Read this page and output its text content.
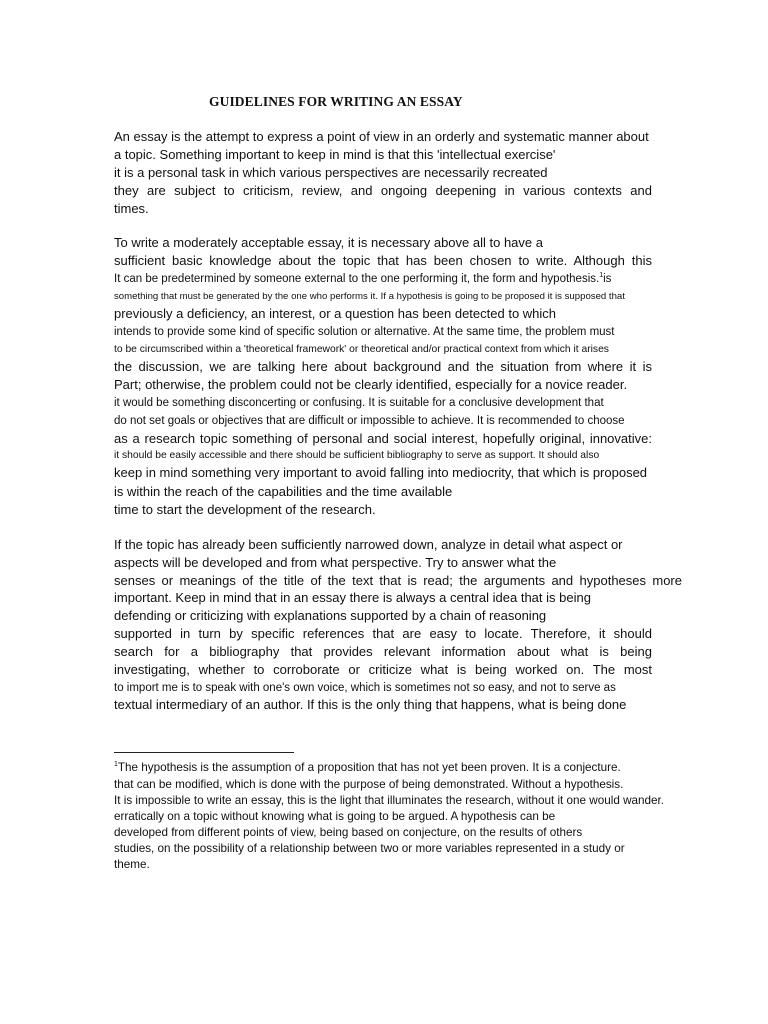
GUIDELINES FOR WRITING AN ESSAY
An essay is the attempt to express a point of view in an orderly and systematic manner about
a topic. Something important to keep in mind is that this 'intellectual exercise'
it is a personal task in which various perspectives are necessarily recreated
they are subject to criticism, review, and ongoing deepening in various contexts and
times.
To write a moderately acceptable essay, it is necessary above all to have a
sufficient basic knowledge about the topic that has been chosen to write. Although this
It can be predetermined by someone external to the one performing it, the form and hypothesis.$^1$is
something that must be generated by the one who performs it. If a hypothesis is going to be proposed it is supposed that
previously a deficiency, an interest, or a question has been detected to which
intends to provide some kind of specific solution or alternative. At the same time, the problem must
to be circumscribed within a 'theoretical framework' or theoretical and/or practical context from which it arises
the discussion, we are talking here about background and the situation from where it is
Part; otherwise, the problem could not be clearly identified, especially for a novice reader.
it would be something disconcerting or confusing. It is suitable for a conclusive development that
do not set goals or objectives that are difficult or impossible to achieve. It is recommended to choose
as a research topic something of personal and social interest, hopefully original, innovative:
it should be easily accessible and there should be sufficient bibliography to serve as support. It should also
keep in mind something very important to avoid falling into mediocrity, that which is proposed
is within the reach of the capabilities and the time available
time to start the development of the research.
If the topic has already been sufficiently narrowed down, analyze in detail what aspect or
aspects will be developed and from what perspective. Try to answer what the
senses or meanings of the title of the text that is read; the arguments and hypotheses more
important. Keep in mind that in an essay there is always a central idea that is being
defending or criticizing with explanations supported by a chain of reasoning
supported in turn by specific references that are easy to locate. Therefore, it should
search for a bibliography that provides relevant information about what is being
investigating, whether to corroborate or criticize what is being worked on. The most
to import me is to speak with one's own voice, which is sometimes not so easy, and not to serve as
textual intermediary of an author. If this is the only thing that happens, what is being done
$^1$The hypothesis is the assumption of a proposition that has not yet been proven. It is a conjecture.
that can be modified, which is done with the purpose of being demonstrated. Without a hypothesis.
It is impossible to write an essay, this is the light that illuminates the research, without it one would wander.
erratically on a topic without knowing what is going to be argued. A hypothesis can be
developed from different points of view, being based on conjecture, on the results of others
studies, on the possibility of a relationship between two or more variables represented in a study or
theme.
